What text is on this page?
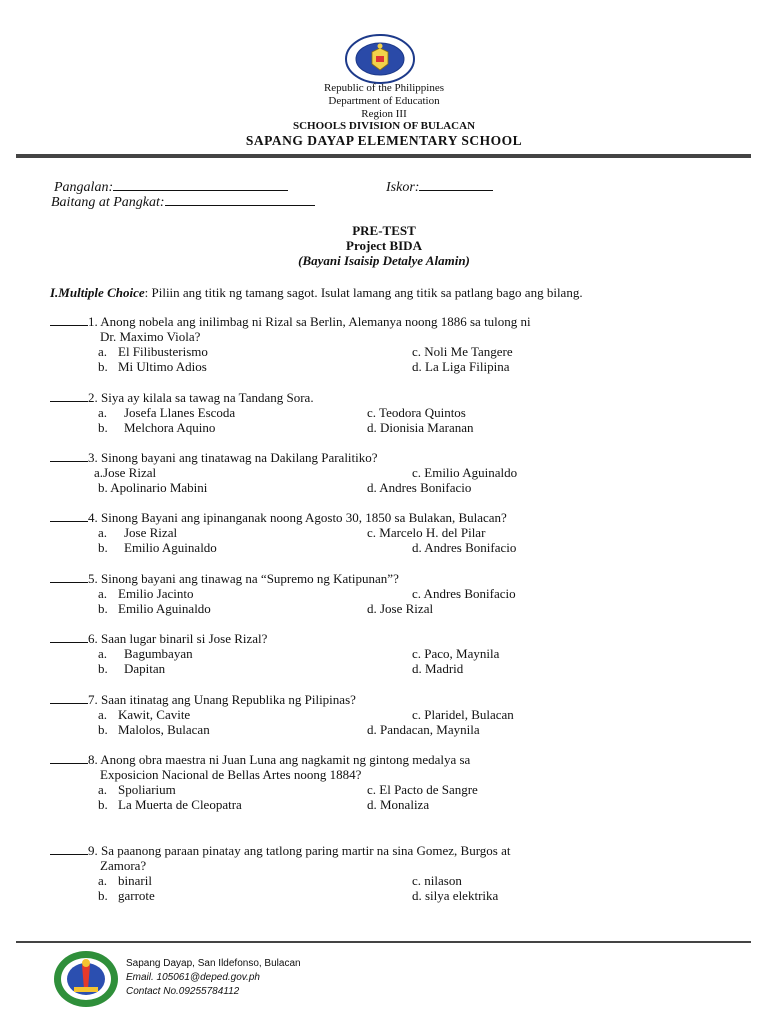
Republic of the Philippines
Department of Education
Region III
SCHOOLS DIVISION OF BULACAN
SAPANG DAYAP ELEMENTARY SCHOOL
Pangalan:	Iskor:
Baitang at Pangkat:
PRE-TEST
Project BIDA
(Bayani Isaisip Detalye Alamin)
I.Multiple Choice: Piliin ang titik ng tamang sagot. Isulat lamang ang titik sa patlang bago ang bilang.
1. Anong nobela ang inilimbag ni Rizal sa Berlin, Alemanya noong 1886 sa tulong ni
Dr. Maximo Viola?
a. El Filibusterismo	c. Noli Me Tangere
b. Mi Ultimo Adios	d. La Liga Filipina
2. Siya ay kilala sa tawag na Tandang Sora.
a. Josefa Llanes Escoda	c. Teodora Quintos
b. Melchora Aquino	d. Dionisia Maranan
3. Sinong bayani ang tinatawag na Dakilang Paralitiko?
a.Jose Rizal	c. Emilio Aguinaldo
b. Apolinario Mabini	d. Andres Bonifacio
4. Sinong Bayani ang ipinanganak noong Agosto 30, 1850 sa Bulakan, Bulacan?
a. Jose Rizal	c. Marcelo H. del Pilar
b. Emilio Aguinaldo	d. Andres Bonifacio
5. Sinong bayani ang tinawag na “Supremo ng Katipunan”?
a. Emilio Jacinto	c. Andres Bonifacio
b. Emilio Aguinaldo	d. Jose Rizal
6. Saan lugar binaril si Jose Rizal?
a. Bagumbayan	c. Paco, Maynila
b. Dapitan	d. Madrid
7. Saan itinatag ang Unang Republika ng Pilipinas?
a. Kawit, Cavite	c. Plaridel, Bulacan
b. Malolos, Bulacan	d. Pandacan, Maynila
8. Anong obra maestra ni Juan Luna ang nagkamit ng gintong medalya sa
Exposicion Nacional de Bellas Artes noong 1884?
a. Spoliarium	c. El Pacto de Sangre
b. La Muerta de Cleopatra	d. Monaliza
9. Sa paanong paraan pinatay ang tatlong paring martir na sina Gomez, Burgos at
Zamora?
a. binaril	c. nilason
b. garrote	d. silya elektrika
Sapang Dayap, San Ildefonso, Bulacan
Email. 105061@deped.gov.ph
Contact No.09255784112
